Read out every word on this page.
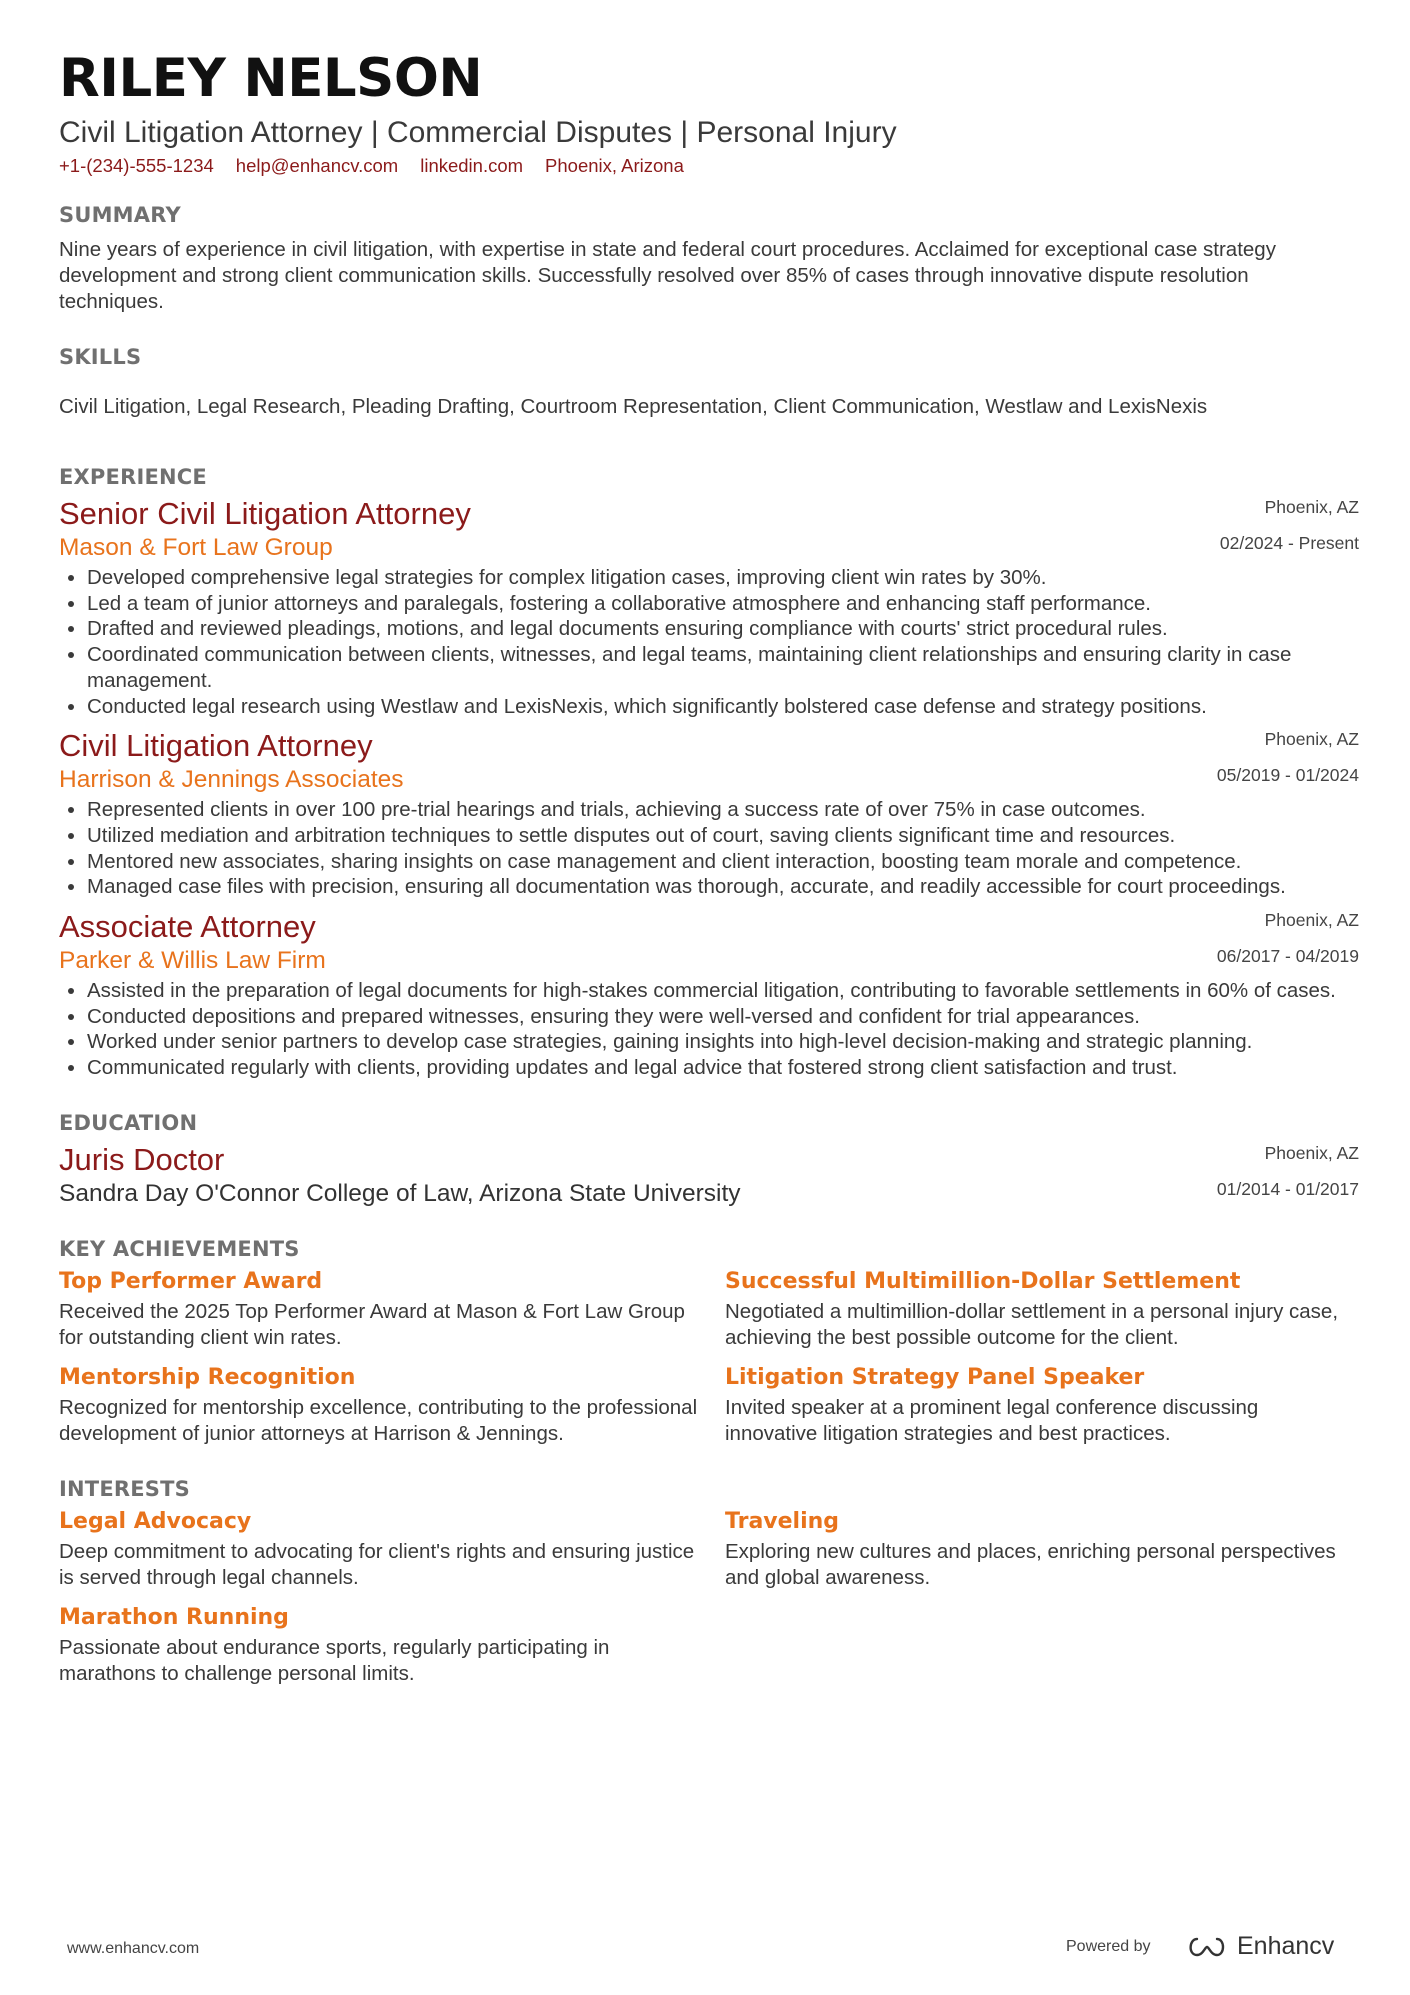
RILEY NELSON
Civil Litigation Attorney | Commercial Disputes | Personal Injury
+1-(234)-555-1234 help@enhancv.com linkedin.com Phoenix, Arizona
SUMMARY
Nine years of experience in civil litigation, with expertise in state and federal court procedures. Acclaimed for exceptional case strategy development and strong client communication skills. Successfully resolved over 85% of cases through innovative dispute resolution techniques.
SKILLS
Civil Litigation, Legal Research, Pleading Drafting, Courtroom Representation, Client Communication, Westlaw and LexisNexis
EXPERIENCE
Senior Civil Litigation Attorney
Mason & Fort Law Group
Phoenix, AZ
02/2024 - Present
• Developed comprehensive legal strategies for complex litigation cases, improving client win rates by 30%.
• Led a team of junior attorneys and paralegals, fostering a collaborative atmosphere and enhancing staff performance.
• Drafted and reviewed pleadings, motions, and legal documents ensuring compliance with courts' strict procedural rules.
• Coordinated communication between clients, witnesses, and legal teams, maintaining client relationships and ensuring clarity in case management.
• Conducted legal research using Westlaw and LexisNexis, which significantly bolstered case defense and strategy positions.
Civil Litigation Attorney
Harrison & Jennings Associates
Phoenix, AZ
05/2019 - 01/2024
• Represented clients in over 100 pre-trial hearings and trials, achieving a success rate of over 75% in case outcomes.
• Utilized mediation and arbitration techniques to settle disputes out of court, saving clients significant time and resources.
• Mentored new associates, sharing insights on case management and client interaction, boosting team morale and competence.
• Managed case files with precision, ensuring all documentation was thorough, accurate, and readily accessible for court proceedings.
Associate Attorney
Parker & Willis Law Firm
Phoenix, AZ
06/2017 - 04/2019
• Assisted in the preparation of legal documents for high-stakes commercial litigation, contributing to favorable settlements in 60% of cases.
• Conducted depositions and prepared witnesses, ensuring they were well-versed and confident for trial appearances.
• Worked under senior partners to develop case strategies, gaining insights into high-level decision-making and strategic planning.
• Communicated regularly with clients, providing updates and legal advice that fostered strong client satisfaction and trust.
EDUCATION
Juris Doctor
Sandra Day O'Connor College of Law, Arizona State University
Phoenix, AZ
01/2014 - 01/2017
KEY ACHIEVEMENTS
Top Performer Award
Received the 2025 Top Performer Award at Mason & Fort Law Group for outstanding client win rates.
Successful Multimillion-Dollar Settlement
Negotiated a multimillion-dollar settlement in a personal injury case, achieving the best possible outcome for the client.
Mentorship Recognition
Recognized for mentorship excellence, contributing to the professional development of junior attorneys at Harrison & Jennings.
Litigation Strategy Panel Speaker
Invited speaker at a prominent legal conference discussing innovative litigation strategies and best practices.
INTERESTS
Legal Advocacy
Deep commitment to advocating for client's rights and ensuring justice is served through legal channels.
Traveling
Exploring new cultures and places, enriching personal perspectives and global awareness.
Marathon Running
Passionate about endurance sports, regularly participating in marathons to challenge personal limits.
www.enhancv.com	Powered by	Enhancv
